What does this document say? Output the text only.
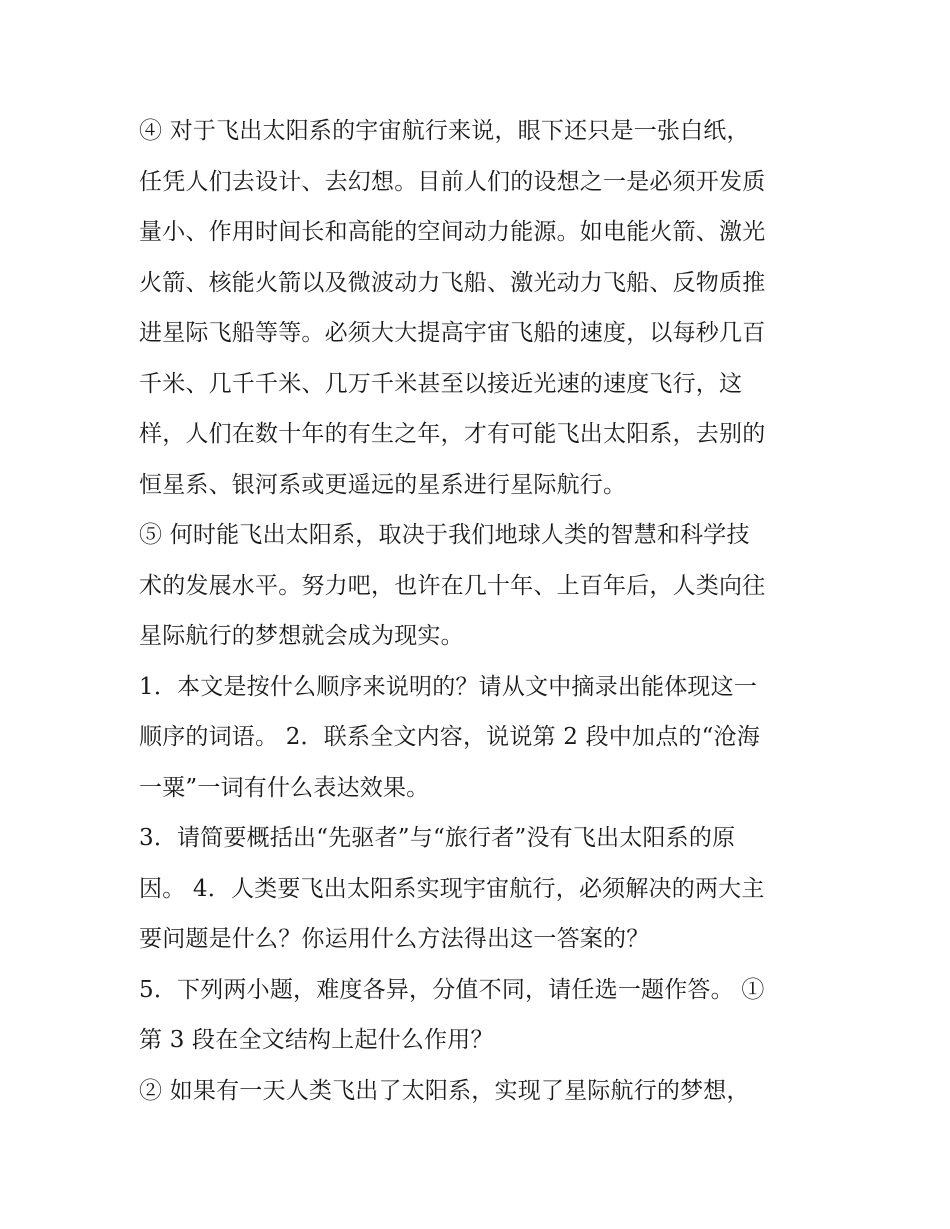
④ 对于飞出太阳系的宇宙航行来说，眼下还只是一张白纸，
任凭人们去设计、去幻想。目前人们的设想之一是必须开发质
量小、作用时间长和高能的空间动力能源。如电能火箭、激光
火箭、核能火箭以及微波动力飞船、激光动力飞船、反物质推
进星际飞船等等。必须大大提高宇宙飞船的速度，以每秒几百
千米、几千千米、几万千米甚至以接近光速的速度飞行，这
样，人们在数十年的有生之年，才有可能飞出太阳系，去别的
恒星系、银河系或更遥远的星系进行星际航行。
⑤ 何时能飞出太阳系，取决于我们地球人类的智慧和科学技
术的发展水平。努力吧，也许在几十年、上百年后，人类向往
星际航行的梦想就会成为现实。
1．本文是按什么顺序来说明的？请从文中摘录出能体现这一
顺序的词语。 2．联系全文内容，说说第 2 段中加点的“沧海
一粟”一词有什么表达效果。
3．请简要概括出“先驱者”与“旅行者”没有飞出太阳系的原
因。 4．人类要飞出太阳系实现宇宙航行，必须解决的两大主
要问题是什么？你运用什么方法得出这一答案的？
5．下列两小题，难度各异，分值不同，请任选一题作答。 ①
第 3 段在全文结构上起什么作用？
② 如果有一天人类飞出了太阳系，实现了星际航行的梦想，
